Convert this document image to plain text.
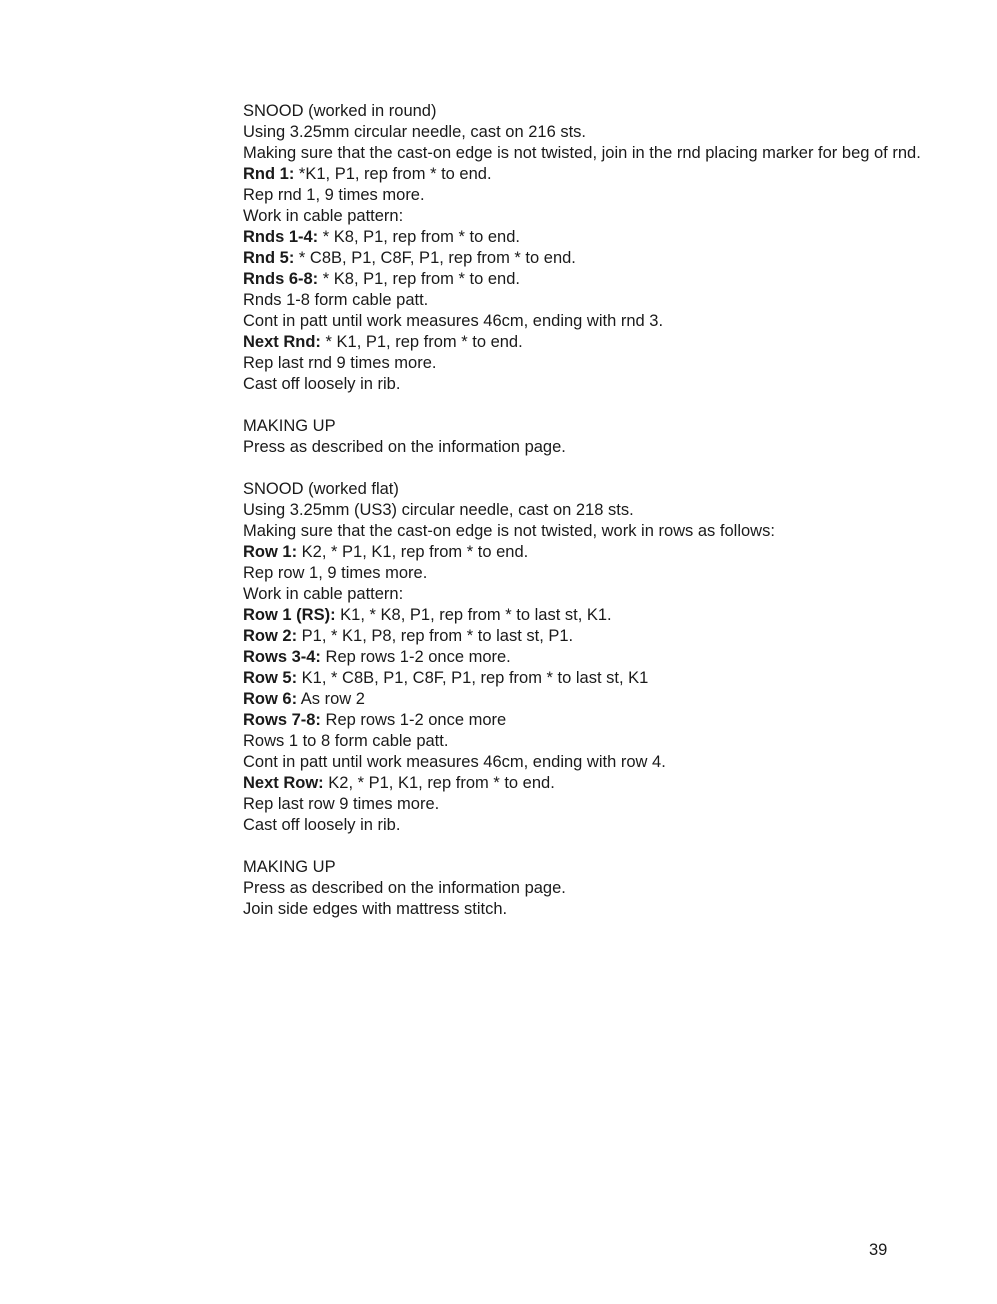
SNOOD (worked in round)
Using 3.25mm circular needle, cast on 216 sts.
Making sure that the cast-on edge is not twisted, join in the rnd placing marker for beg of rnd.
Rnd 1: *K1, P1, rep from * to end.
Rep rnd 1, 9 times more.
Work in cable pattern:
Rnds 1-4: * K8, P1, rep from * to end.
Rnd 5: * C8B, P1, C8F, P1, rep from * to end.
Rnds 6-8: * K8, P1, rep from * to end.
Rnds 1-8 form cable patt.
Cont in patt until work measures 46cm, ending with rnd 3.
Next Rnd: * K1, P1, rep from * to end.
Rep last rnd 9 times more.
Cast off loosely in rib.
MAKING UP
Press as described on the information page.
SNOOD (worked flat)
Using 3.25mm (US3) circular needle, cast on 218 sts.
Making sure that the cast-on edge is not twisted, work in rows as follows:
Row 1: K2, * P1, K1, rep from * to end.
Rep row 1, 9 times more.
Work in cable pattern:
Row 1 (RS): K1, * K8, P1, rep from * to last st, K1.
Row 2: P1, * K1, P8, rep from * to last st, P1.
Rows 3-4: Rep rows 1-2 once more.
Row 5: K1, * C8B, P1, C8F, P1, rep from * to last st, K1
Row 6: As row 2
Rows 7-8: Rep rows 1-2 once more
Rows 1 to 8 form cable patt.
Cont in patt until work measures 46cm, ending with row 4.
Next Row: K2, * P1, K1, rep from * to end.
Rep last row 9 times more.
Cast off loosely in rib.
MAKING UP
Press as described on the information page.
Join side edges with mattress stitch.
39
